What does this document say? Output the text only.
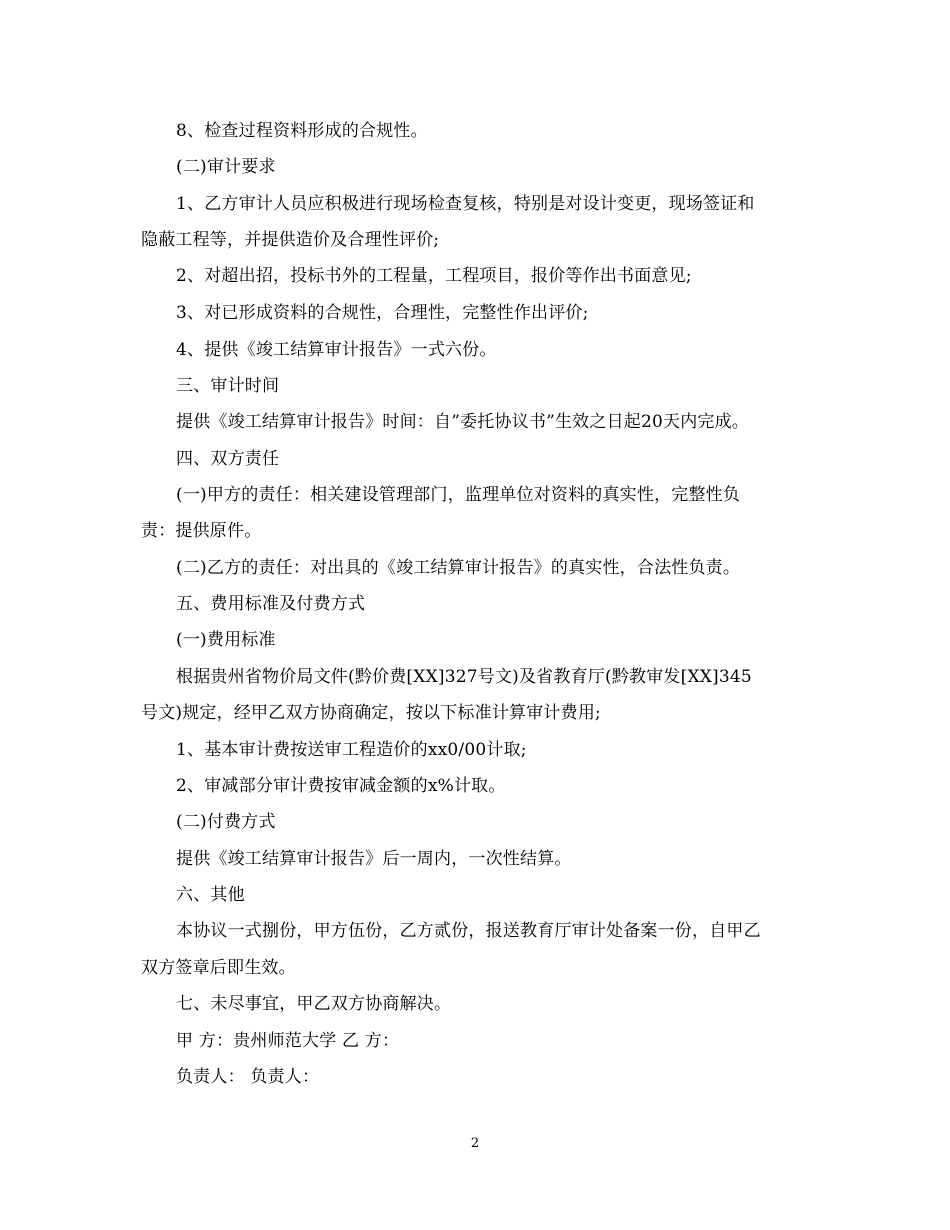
8、检查过程资料形成的合规性。
(二)审计要求
1、乙方审计人员应积极进行现场检查复核，特别是对设计变更，现场签证和
隐蔽工程等，并提供造价及合理性评价;
2、对超出招，投标书外的工程量，工程项目，报价等作出书面意见;
3、对已形成资料的合规性，合理性，完整性作出评价;
4、提供《竣工结算审计报告》一式六份。
三、审计时间
提供《竣工结算审计报告》时间：自”委托协议书”生效之日起20天内完成。
四、双方责任
(一)甲方的责任：相关建设管理部门，监理单位对资料的真实性，完整性负
责：提供原件。
(二)乙方的责任：对出具的《竣工结算审计报告》的真实性，合法性负责。
五、费用标准及付费方式
(一)费用标准
根据贵州省物价局文件(黔价费[XX]327号文)及省教育厅(黔教审发[XX]345
号文)规定，经甲乙双方协商确定，按以下标准计算审计费用;
1、基本审计费按送审工程造价的xx0/00计取;
2、审减部分审计费按审减金额的x%计取。
(二)付费方式
提供《竣工结算审计报告》后一周内，一次性结算。
六、其他
本协议一式捌份，甲方伍份，乙方贰份，报送教育厅审计处备案一份，自甲乙
双方签章后即生效。
七、未尽事宜，甲乙双方协商解决。
甲 方：贵州师范大学 乙 方：
负责人： 负责人：
2
